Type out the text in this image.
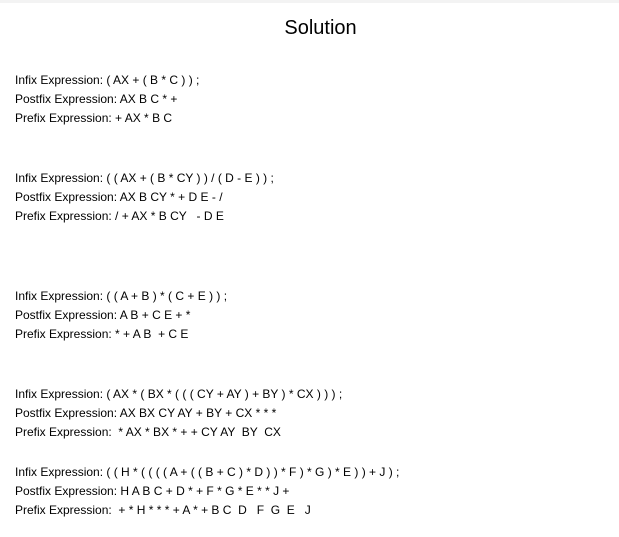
Solution
Infix Expression: ( AX + ( B * C ) ) ;
Postfix Expression: AX B C * +
Prefix Expression: + AX * B C
Infix Expression: ( ( AX + ( B * CY ) ) / ( D - E ) ) ;
Postfix Expression: AX B CY * + D E - /
Prefix Expression: / + AX * B CY   - D E
Infix Expression: ( ( A + B ) * ( C + E ) ) ;
Postfix Expression: A B + C E + *
Prefix Expression: * + A B  + C E
Infix Expression: ( AX * ( BX * ( ( ( CY + AY ) + BY ) * CX ) ) ) ;
Postfix Expression: AX BX CY AY + BY + CX * * *
Prefix Expression:  * AX * BX * + + CY AY  BY  CX
Infix Expression: ( ( H * ( ( ( ( A + ( ( B + C ) * D ) ) * F ) * G ) * E ) ) + J ) ;
Postfix Expression: H A B C + D * + F * G * E * * J +
Prefix Expression:  + * H * * * + A * + B C  D   F  G  E   J
